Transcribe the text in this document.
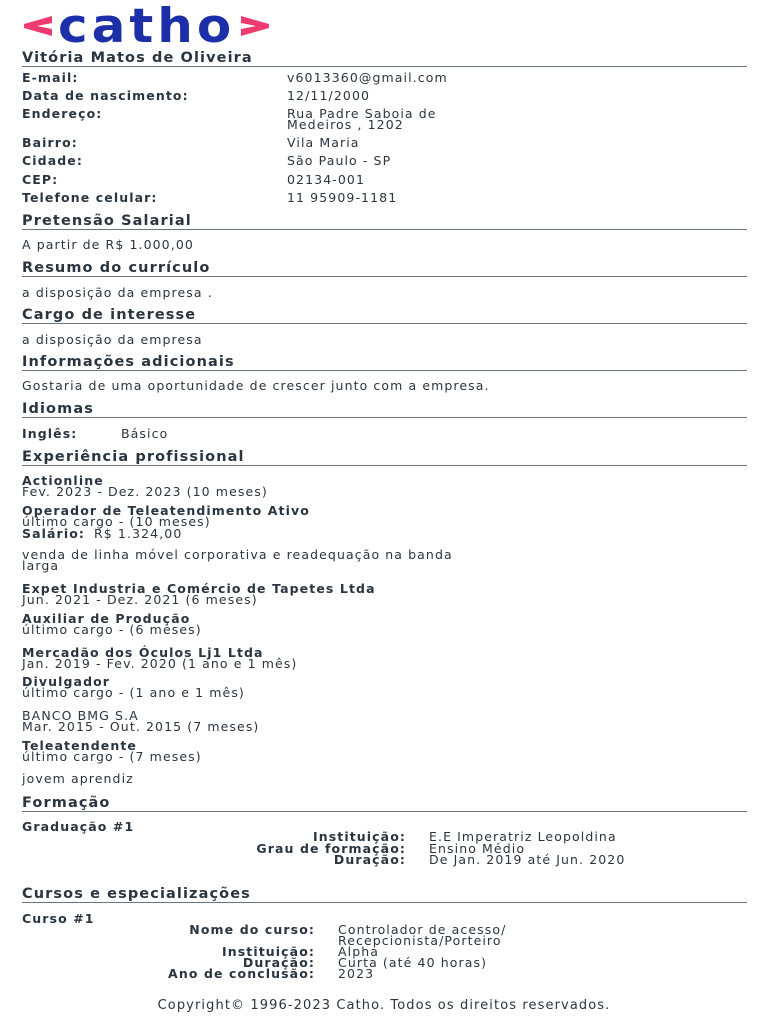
catho
Vitória Matos de Oliveira
E-mail:	v6013360@gmail.com
Data de nascimento:	12/11/2000
Endereço:	Rua Padre Saboia de
Medeiros , 1202
Bairro:	Vila Maria
Cidade:	São Paulo - SP
CEP:	02134-001
Telefone celular:	11 95909-1181
Pretensão Salarial
A partir de R$ 1.000,00
Resumo do currículo
a disposição da empresa .
Cargo de interesse
a disposição da empresa
Informações adicionais
Gostaria de uma oportunidade de crescer junto com a empresa.
Idiomas
Inglês:	Básico
Experiência profissional
Actionline
Fev. 2023 - Dez. 2023 (10 meses)
Operador de Teleatendimento Ativo
último cargo - (10 meses)
Salário: R$ 1.324,00
venda de linha móvel corporativa e readequação na banda
larga
Expet Industria e Comércio de Tapetes Ltda
Jun. 2021 - Dez. 2021 (6 meses)
Auxiliar de Produção
último cargo - (6 meses)
Mercadão dos Óculos Lj1 Ltda
Jan. 2019 - Fev. 2020 (1 ano e 1 mês)
Divulgador
último cargo - (1 ano e 1 mês)
BANCO BMG S.A
Mar. 2015 - Out. 2015 (7 meses)
Teleatendente
último cargo - (7 meses)
jovem aprendiz
Formação
Graduação #1
Instituição: E.E Imperatriz Leopoldina
Grau de formação: Ensino Médio
Duração: De Jan. 2019 até Jun. 2020
Cursos e especializações
Curso #1
Nome do curso: Controlador de acesso/
Recepcionista/Porteiro
Instituição: Alpha
Duração: Curta (até 40 horas)
Ano de conclusão: 2023
Copyright© 1996-2023 Catho. Todos os direitos reservados.
